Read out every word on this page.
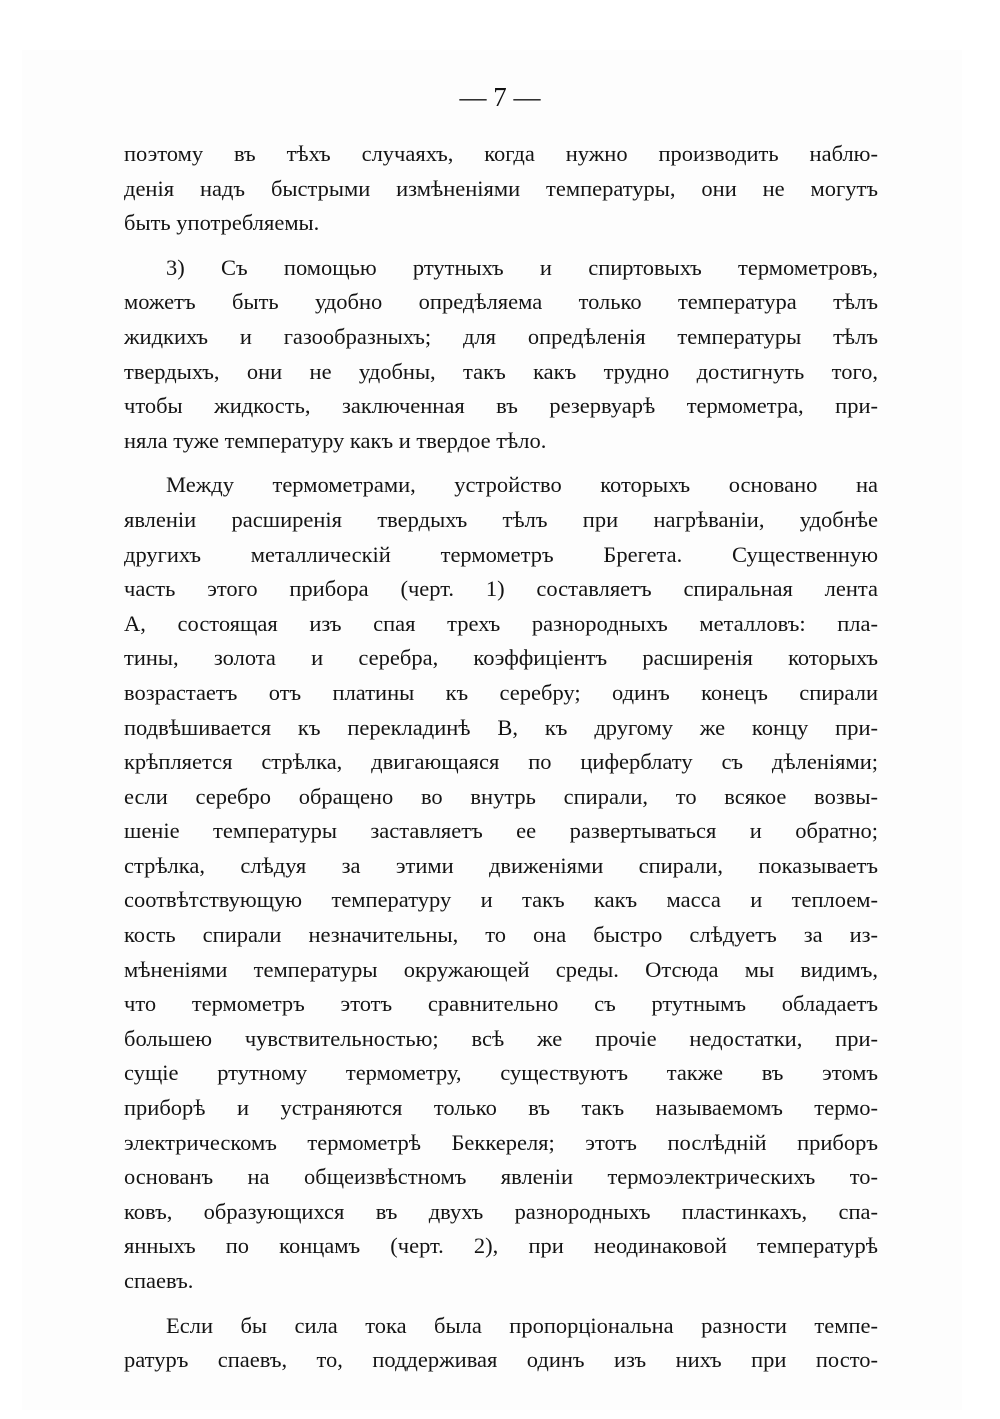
— 7 —
поэтому въ тѣхъ случаяхъ, когда нужно производить наблю-
денія надъ быстрыми измѣненіями температуры, они не могутъ
быть употребляемы.
3) Съ помощью ртутныхъ и спиртовыхъ термометровъ,
можетъ быть удобно опредѣляема только температура тѣлъ
жидкихъ и газообразныхъ; для опредѣленія температуры тѣлъ
твердыхъ, они не удобны, такъ какъ трудно достигнуть того,
чтобы жидкость, заключенная въ резервуарѣ термометра, при-
няла туже температуру какъ и твердое тѣло.
Между термометрами, устройство которыхъ основано на
явленіи расширенія твердыхъ тѣлъ при нагрѣваніи, удобнѣе
другихъ металлическій термометръ Брегета. Существенную
часть этого прибора (черт. 1) составляетъ спиральная лента
A, состоящая изъ спая трехъ разнородныхъ металловъ: пла-
тины, золота и серебра, коэффиціентъ расширенія которыхъ
возрастаетъ отъ платины къ серебру; одинъ конецъ спирали
подвѣшивается къ перекладинѣ B, къ другому же концу при-
крѣпляется стрѣлка, двигающаяся по циферблату съ дѣленіями;
если серебро обращено во внутрь спирали, то всякое возвы-
шеніе температуры заставляетъ ее развертываться и обратно;
стрѣлка, слѣдуя за этими движеніями спирали, показываетъ
соотвѣтствующую температуру и такъ какъ масса и теплоем-
кость спирали незначительны, то она быстро слѣдуетъ за из-
мѣненіями температуры окружающей среды. Отсюда мы видимъ,
что термометръ этотъ сравнительно съ ртутнымъ обладаетъ
большею чувствительностью; всѣ же прочіе недостатки, при-
сущіе ртутному термометру, существуютъ также въ этомъ
приборѣ и устраняются только въ такъ называемомъ термо-
электрическомъ термометрѣ Беккереля; этотъ послѣдній приборъ
основанъ на общеизвѣстномъ явленіи термоэлектрическихъ то-
ковъ, образующихся въ двухъ разнородныхъ пластинкахъ, спа-
янныхъ по концамъ (черт. 2), при неодинаковой температурѣ
спаевъ.
Если бы сила тока была пропорціональна разности темпе-
ратуръ спаевъ, то, поддерживая одинъ изъ нихъ при посто-
